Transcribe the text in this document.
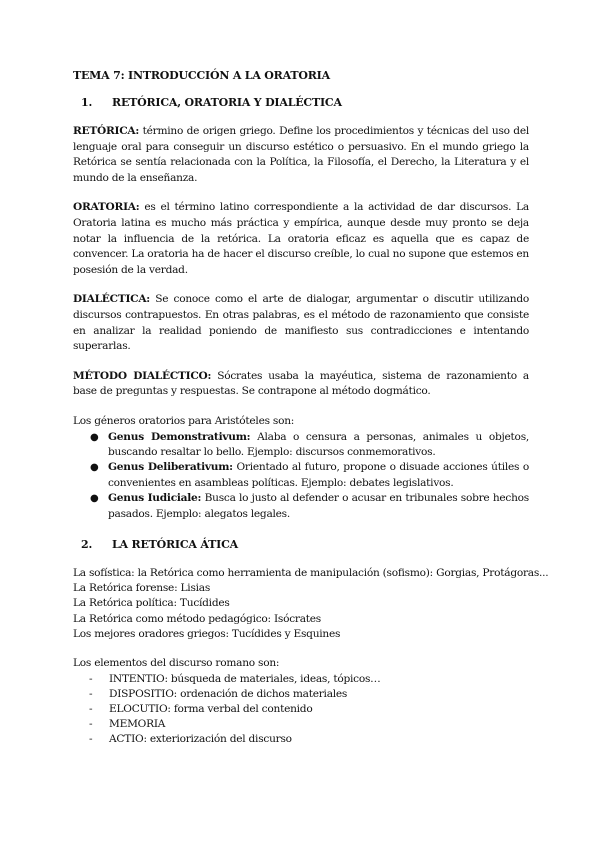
TEMA 7: INTRODUCCIÓN A LA ORATORIA
1.	RETÓRICA, ORATORIA Y DIALÉCTICA

RETÓRICA: término de origen griego. Define los procedimientos y técnicas del uso del lenguaje oral para conseguir un discurso estético o persuasivo. En el mundo griego la Retórica se sentía relacionada con la Política, la Filosofía, el Derecho, la Literatura y el mundo de la enseñanza.

ORATORIA: es el término latino correspondiente a la actividad de dar discursos. La Oratoria latina es mucho más práctica y empírica, aunque desde muy pronto se deja notar la influencia de la retórica. La oratoria eficaz es aquella que es capaz de convencer. La oratoria ha de hacer el discurso creíble, lo cual no supone que estemos en posesión de la verdad.

DIALÉCTICA: Se conoce como el arte de dialogar, argumentar o discutir utilizando discursos contrapuestos. En otras palabras, es el método de razonamiento que consiste en analizar la realidad poniendo de manifiesto sus contradicciones e intentando superarlas.

MÉTODO DIALÉCTICO: Sócrates usaba la mayéutica, sistema de razonamiento a base de preguntas y respuestas. Se contrapone al método dogmático.

Los géneros oratorios para Aristóteles son:
● Genus Demonstrativum: Alaba o censura a personas, animales u objetos, buscando resaltar lo bello. Ejemplo: discursos conmemorativos.
● Genus Deliberativum: Orientado al futuro, propone o disuade acciones útiles o convenientes en asambleas políticas. Ejemplo: debates legislativos.
● Genus Iudiciale: Busca lo justo al defender o acusar en tribunales sobre hechos pasados. Ejemplo: alegatos legales.
2.	LA RETÓRICA ÁTICA
La sofística: la Retórica como herramienta de manipulación (sofismo): Gorgias, Protágoras...
La Retórica forense: Lisias
La Retórica política: Tucídides
La Retórica como método pedagógico: Isócrates
Los mejores oradores griegos: Tucídides y Esquines
Los elementos del discurso romano son:
- INTENTIO: búsqueda de materiales, ideas, tópicos…
- DISPOSITIO: ordenación de dichos materiales
- ELOCUTIO: forma verbal del contenido
- MEMORIA
- ACTIO: exteriorización del discurso
